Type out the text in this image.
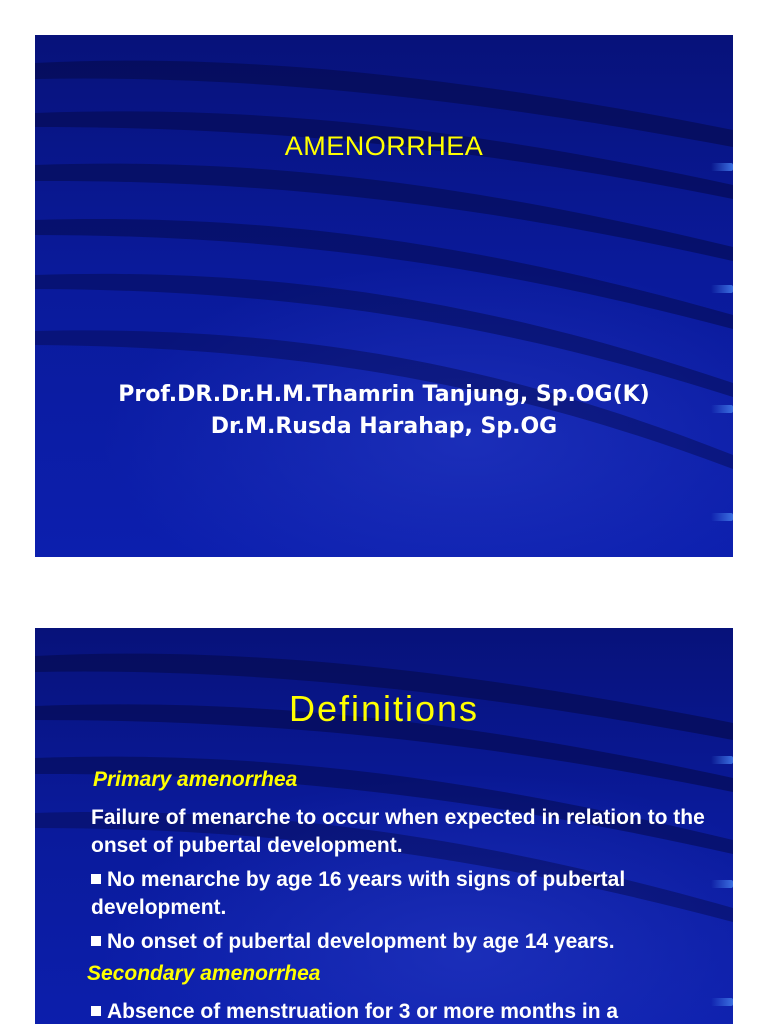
AMENORRHEA
Prof.DR.Dr.H.M.Thamrin Tanjung, Sp.OG(K)
Dr.M.Rusda Harahap, Sp.OG
Definitions
Primary amenorrhea
Failure of menarche to occur when expected in relation to the onset of pubertal development.
No menarche by age 16 years with signs of pubertal development.
No onset of pubertal development by age 14 years.
Secondary amenorrhea
Absence of menstruation for 3 or more months in a
